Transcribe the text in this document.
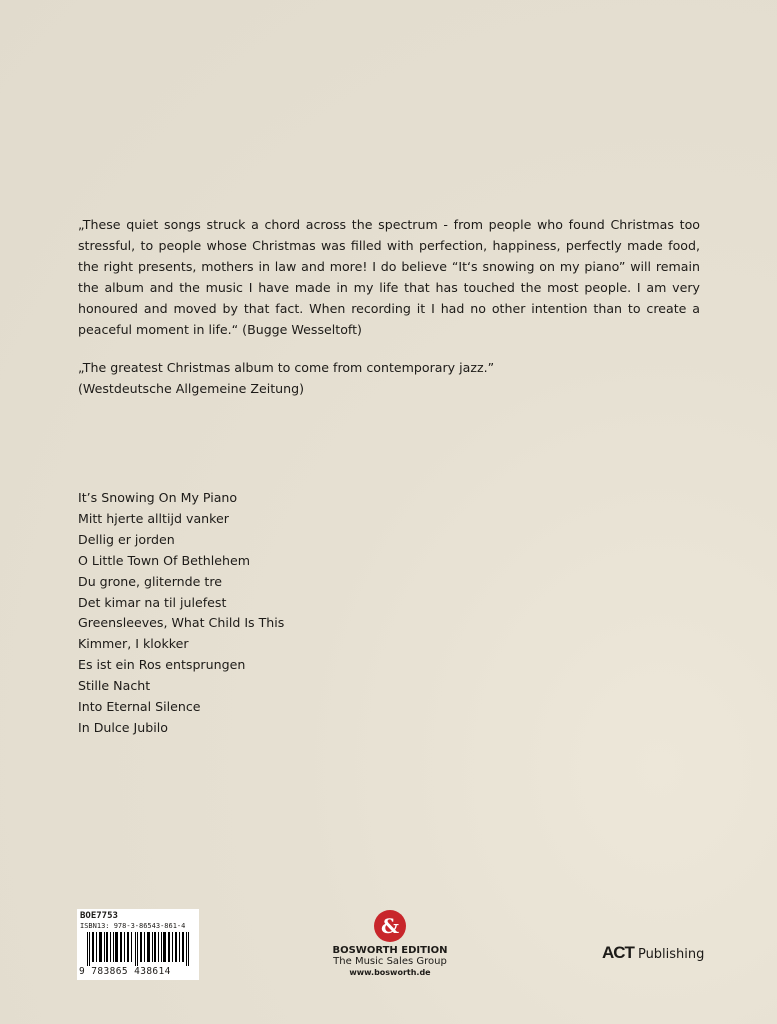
„These quiet songs struck a chord across the spectrum - from people who found Christmas too stressful, to people whose Christmas was filled with perfection, happiness, perfectly made food, the right presents, mothers in law and more! I do believe “It‘s snowing on my piano” will remain the album and the music I have made in my life that has touched the most people. I am very honoured and moved by that fact. When recording it I had no other intention than to create a peaceful moment in life.“ (Bugge Wesseltoft)

„The greatest Christmas album to come from contemporary jazz.”

(Westdeutsche Allgemeine Zeitung)

It’s Snowing On My Piano
Mitt hjerte alltijd vanker
Dellig er jorden
O Little Town Of Bethlehem
Du grone, gliternde tre
Det kimar na til julefest
Greensleeves, What Child Is This
Kimmer, I klokker
Es ist ein Ros entsprungen
Stille Nacht
Into Eternal Silence
In Dulce Jubilo
BOE7753
ISBN13: 978-3-86543-861-4
9 783865 438614
&
BOSWORTH EDITION
The Music Sales Group
www.bosworth.de
ACT Publishing
